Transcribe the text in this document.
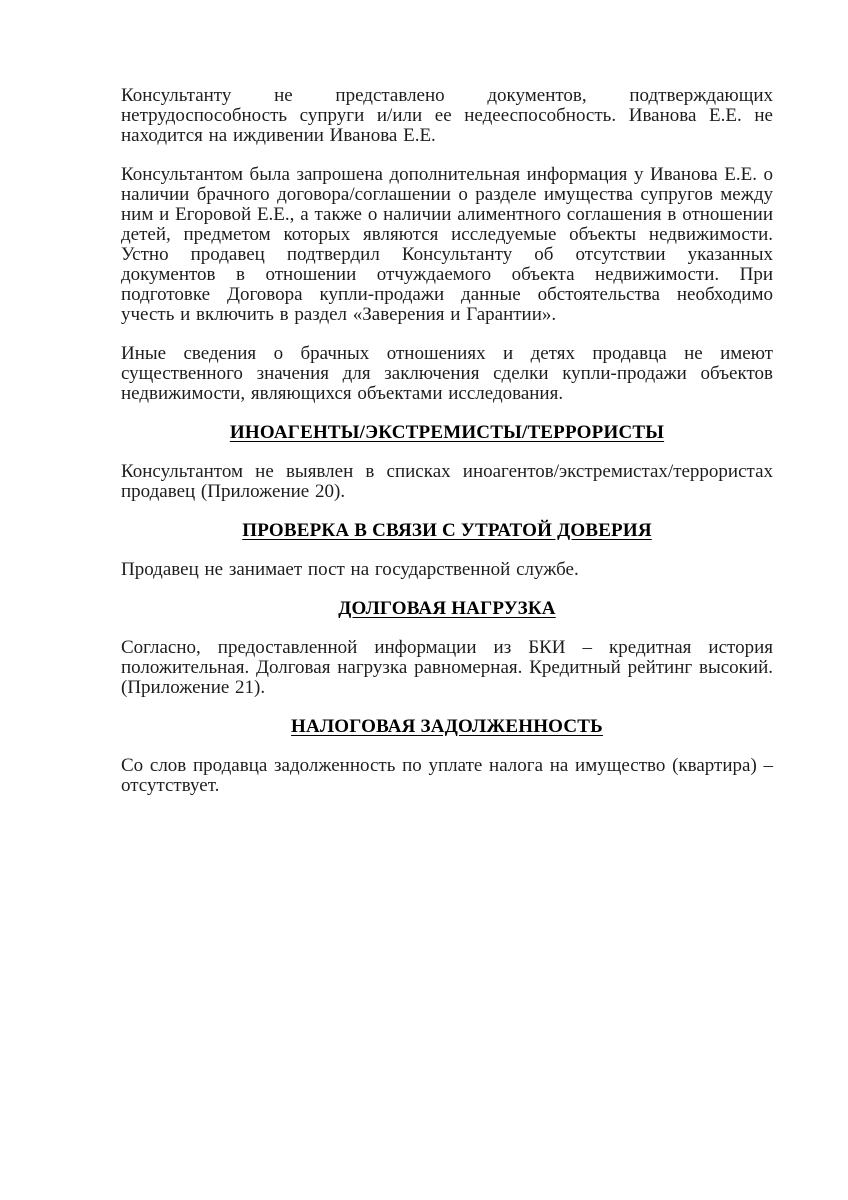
Консультанту не представлено документов, подтверждающих нетрудоспособность супруги и/или ее недееспособность. Иванова Е.Е. не находится на иждивении Иванова Е.Е.

Консультантом была запрошена дополнительная информация у Иванова Е.Е. о наличии брачного договора/соглашении о разделе имущества супругов между ним и Егоровой Е.Е., а также о наличии алиментного соглашения в отношении детей, предметом которых являются исследуемые объекты недвижимости. Устно продавец подтвердил Консультанту об отсутствии указанных документов в отношении отчуждаемого объекта недвижимости. При подготовке Договора купли-продажи данные обстоятельства необходимо учесть и включить в раздел «Заверения и Гарантии».

Иные сведения о брачных отношениях и детях продавца не имеют существенного значения для заключения сделки купли-продажи объектов недвижимости, являющихся объектами исследования.

ИНОАГЕНТЫ/ЭКСТРЕМИСТЫ/ТЕРРОРИСТЫ

Консультантом не выявлен в списках иноагентов/экстремистах/террористах продавец (Приложение 20).

ПРОВЕРКА В СВЯЗИ С УТРАТОЙ ДОВЕРИЯ

Продавец не занимает пост на государственной службе.

ДОЛГОВАЯ НАГРУЗКА

Согласно, предоставленной информации из БКИ – кредитная история положительная. Долговая нагрузка равномерная. Кредитный рейтинг высокий. (Приложение 21).

НАЛОГОВАЯ ЗАДОЛЖЕННОСТЬ

Со слов продавца задолженность по уплате налога на имущество (квартира) – отсутствует.
